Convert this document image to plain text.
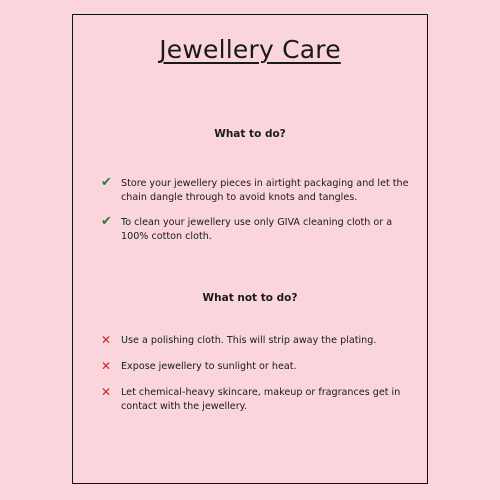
Jewellery Care
What to do?
✔ Store your jewellery pieces in airtight packaging and let the chain dangle through to avoid knots and tangles.
✔ To clean your jewellery use only GIVA cleaning cloth or a 100% cotton cloth.
What not to do?
✕ Use a polishing cloth. This will strip away the plating.
✕ Expose jewellery to sunlight or heat.
✕ Let chemical-heavy skincare, makeup or fragrances get in contact with the jewellery.
